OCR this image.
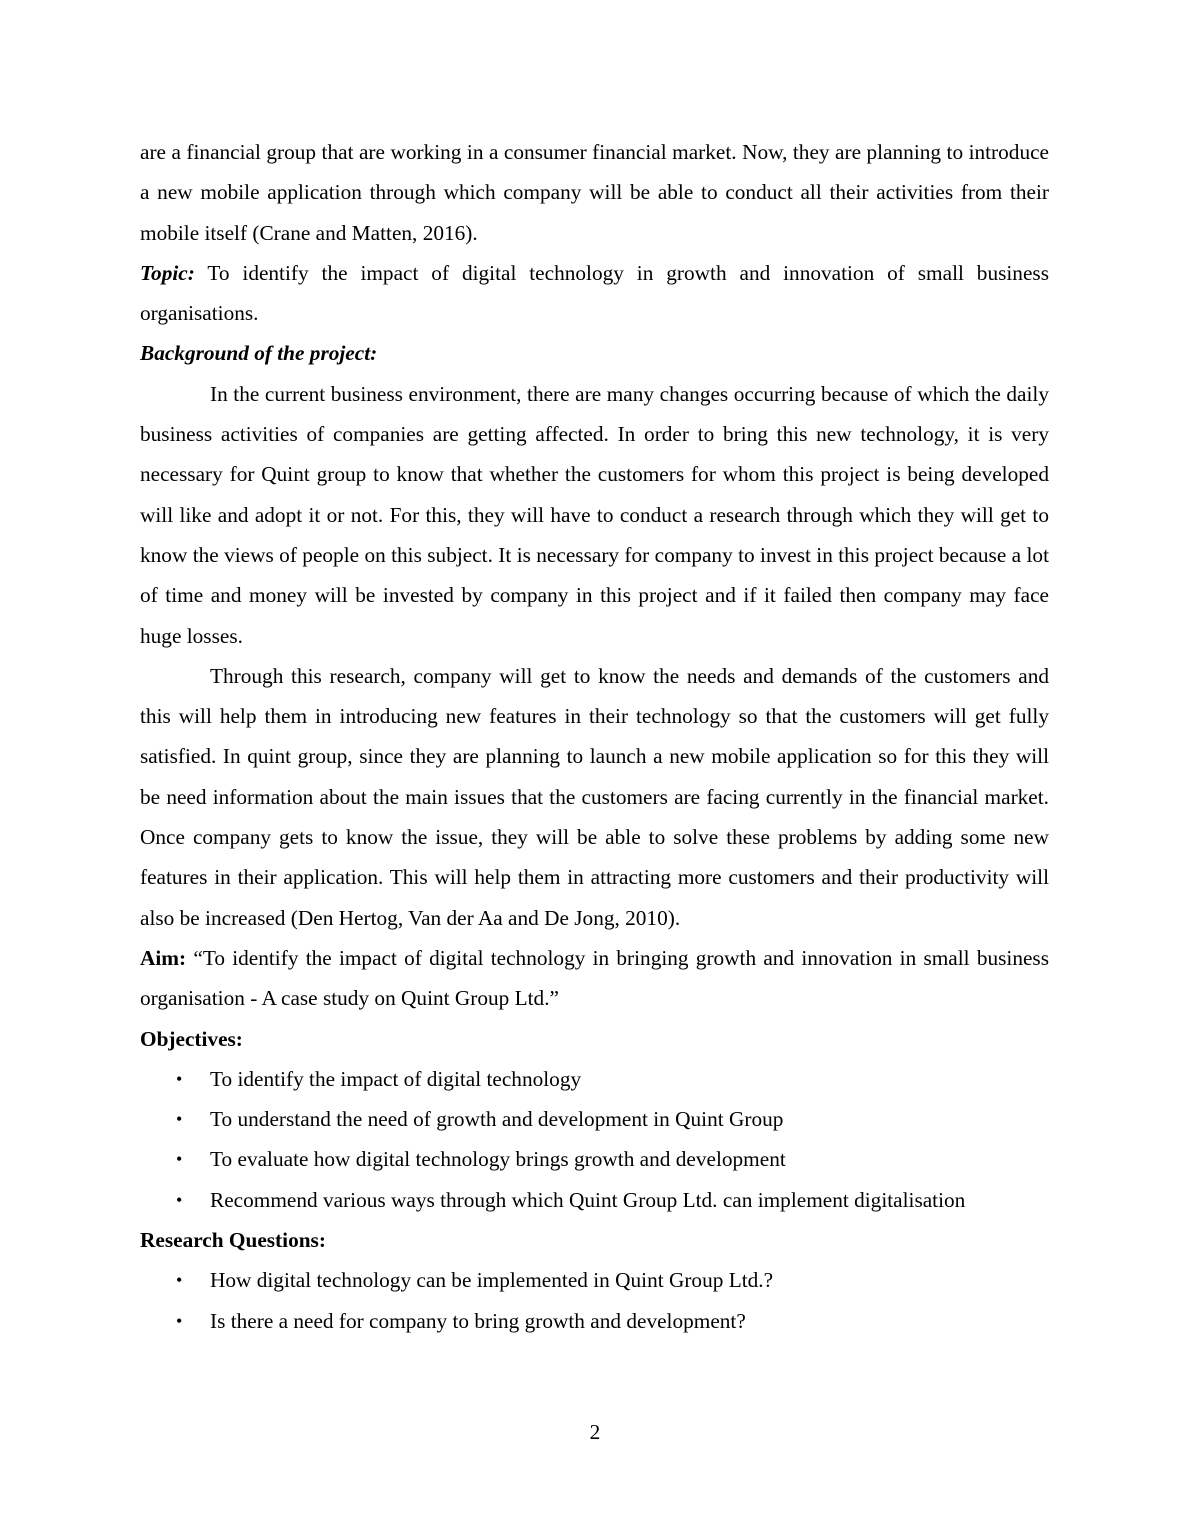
are a financial group that are working in a consumer financial market. Now, they are planning to introduce a new mobile application through which company will be able to conduct all their activities from their mobile itself (Crane and Matten, 2016).

Topic: To identify the impact of digital technology in growth and innovation of small business organisations.

Background of the project:

In the current business environment, there are many changes occurring because of which the daily business activities of companies are getting affected. In order to bring this new technology, it is very necessary for Quint group to know that whether the customers for whom this project is being developed will like and adopt it or not. For this, they will have to conduct a research through which they will get to know the views of people on this subject. It is necessary for company to invest in this project because a lot of time and money will be invested by company in this project and if it failed then company may face huge losses.

Through this research, company will get to know the needs and demands of the customers and this will help them in introducing new features in their technology so that the customers will get fully satisfied. In quint group, since they are planning to launch a new mobile application so for this they will be need information about the main issues that the customers are facing currently in the financial market. Once company gets to know the issue, they will be able to solve these problems by adding some new features in their application. This will help them in attracting more customers and their productivity will also be increased (Den Hertog, Van der Aa and De Jong, 2010).

Aim: “To identify the impact of digital technology in bringing growth and innovation in small business organisation - A case study on Quint Group Ltd.”

Objectives:

• To identify the impact of digital technology
• To understand the need of growth and development in Quint Group
• To evaluate how digital technology brings growth and development
• Recommend various ways through which Quint Group Ltd. can implement digitalisation

Research Questions:

• How digital technology can be implemented in Quint Group Ltd.?
• Is there a need for company to bring growth and development?
2
